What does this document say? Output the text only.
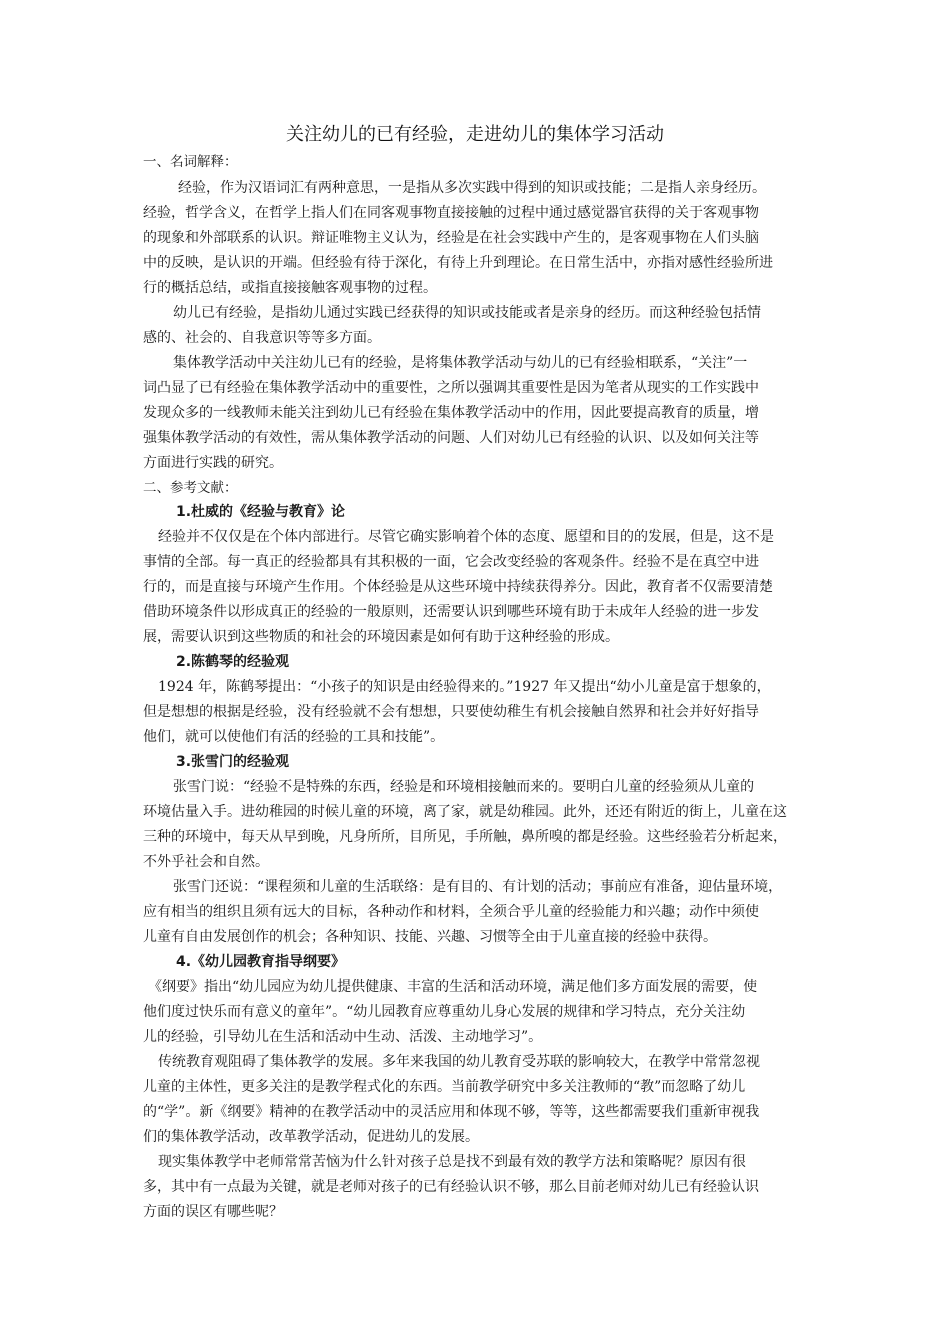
关注幼儿的已有经验，走进幼儿的集体学习活动
一、名词解释：
经验，作为汉语词汇有两种意思，一是指从多次实践中得到的知识或技能；二是指人亲身经历。
经验，哲学含义，在哲学上指人们在同客观事物直接接触的过程中通过感觉器官获得的关于客观事物
的现象和外部联系的认识。辩证唯物主义认为，经验是在社会实践中产生的，是客观事物在人们头脑
中的反映，是认识的开端。但经验有待于深化，有待上升到理论。在日常生活中，亦指对感性经验所进
行的概括总结，或指直接接触客观事物的过程。
幼儿已有经验，是指幼儿通过实践已经获得的知识或技能或者是亲身的经历。而这种经验包括情
感的、社会的、自我意识等等多方面。
集体教学活动中关注幼儿已有的经验，是将集体教学活动与幼儿的已有经验相联系，“关注”一
词凸显了已有经验在集体教学活动中的重要性，之所以强调其重要性是因为笔者从现实的工作实践中
发现众多的一线教师未能关注到幼儿已有经验在集体教学活动中的作用，因此要提高教育的质量，增
强集体教学活动的有效性，需从集体教学活动的问题、人们对幼儿已有经验的认识、以及如何关注等
方面进行实践的研究。
二、参考文献：
1.杜威的《经验与教育》论
经验并不仅仅是在个体内部进行。尽管它确实影响着个体的态度、愿望和目的的发展，但是，这不是
事情的全部。每一真正的经验都具有其积极的一面，它会改变经验的客观条件。经验不是在真空中进
行的，而是直接与环境产生作用。个体经验是从这些环境中持续获得养分。因此，教育者不仅需要清楚
借助环境条件以形成真正的经验的一般原则，还需要认识到哪些环境有助于未成年人经验的进一步发
展，需要认识到这些物质的和社会的环境因素是如何有助于这种经验的形成。
2.陈鹤琴的经验观
1924 年，陈鹤琴提出：“小孩子的知识是由经验得来的。”1927 年又提出“幼小儿童是富于想象的，
但是想想的根据是经验，没有经验就不会有想想，只要使幼稚生有机会接触自然界和社会并好好指导
他们，就可以使他们有活的经验的工具和技能”。
3.张雪门的经验观
张雪门说：“经验不是特殊的东西，经验是和环境相接触而来的。要明白儿童的经验须从儿童的
环境估量入手。进幼稚园的时候儿童的环境，离了家，就是幼稚园。此外，还还有附近的街上，儿童在这
三种的环境中，每天从早到晚，凡身所所，目所见，手所触，鼻所嗅的都是经验。这些经验若分析起来，
不外乎社会和自然。
张雪门还说：“课程须和儿童的生活联络：是有目的、有计划的活动；事前应有准备，迎估量环境，
应有相当的组织且须有远大的目标，各种动作和材料，全须合乎儿童的经验能力和兴趣；动作中须使
儿童有自由发展创作的机会；各种知识、技能、兴趣、习惯等全由于儿童直接的经验中获得。
4.《幼儿园教育指导纲要》
《纲要》指出“幼儿园应为幼儿提供健康、丰富的生活和活动环境，满足他们多方面发展的需要，使
他们度过快乐而有意义的童年”。“幼儿园教育应尊重幼儿身心发展的规律和学习特点，充分关注幼
儿的经验，引导幼儿在生活和活动中生动、活泼、主动地学习”。
传统教育观阻碍了集体教学的发展。多年来我国的幼儿教育受苏联的影响较大，在教学中常常忽视
儿童的主体性，更多关注的是教学程式化的东西。当前教学研究中多关注教师的“教”而忽略了幼儿
的“学”。新《纲要》精神的在教学活动中的灵活应用和体现不够，等等，这些都需要我们重新审视我
们的集体教学活动，改革教学活动，促进幼儿的发展。
现实集体教学中老师常常苦恼为什么针对孩子总是找不到最有效的教学方法和策略呢？原因有很
多，其中有一点最为关键，就是老师对孩子的已有经验认识不够，那么目前老师对幼儿已有经验认识
方面的误区有哪些呢？
